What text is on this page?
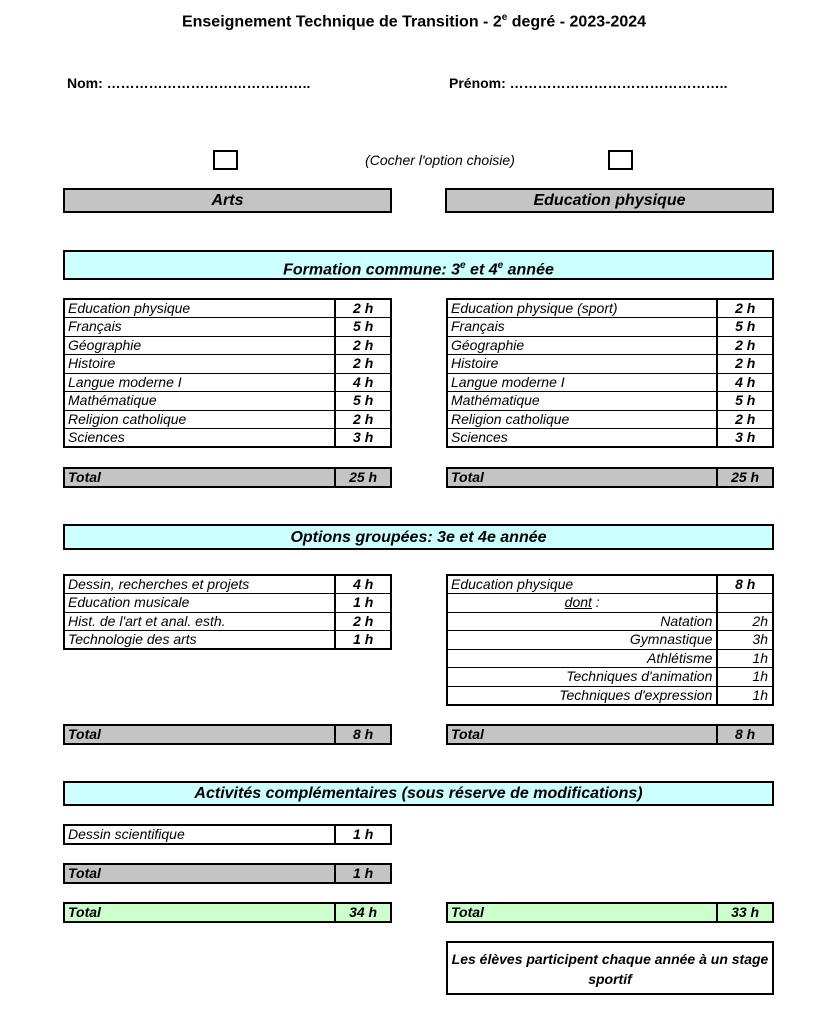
Enseignement Technique de Transition - 2e degré - 2023-2024
Nom: ……………………………………..	Prénom: ………………………………………..
(Cocher l'option choisie)
Arts	Education physique
Formation commune: 3e et 4e année
Education physique	2 h
Français	5 h
Géographie	2 h
Histoire	2 h
Langue moderne I	4 h
Mathématique	5 h
Religion catholique	2 h
Sciences	3 h
Education physique (sport)	2 h
Français	5 h
Géographie	2 h
Histoire	2 h
Langue moderne I	4 h
Mathématique	5 h
Religion catholique	2 h
Sciences	3 h
Total	25 h	Total	25 h
Options groupées: 3e et 4e année
Dessin, recherches et projets	4 h
Education musicale	1 h
Hist. de l'art et anal. esth.	2 h
Technologie des arts	1 h
Education physique	8 h
dont :	
Natation	2h
Gymnastique	3h
Athlétisme	1h
Techniques d'animation	1h
Techniques d'expression	1h
Total	8 h	Total	8 h
Activités complémentaires (sous réserve de modifications)
Dessin scientifique	1 h
Total	1 h
Total	34 h	Total	33 h
Les élèves participent chaque année à un stage sportif
